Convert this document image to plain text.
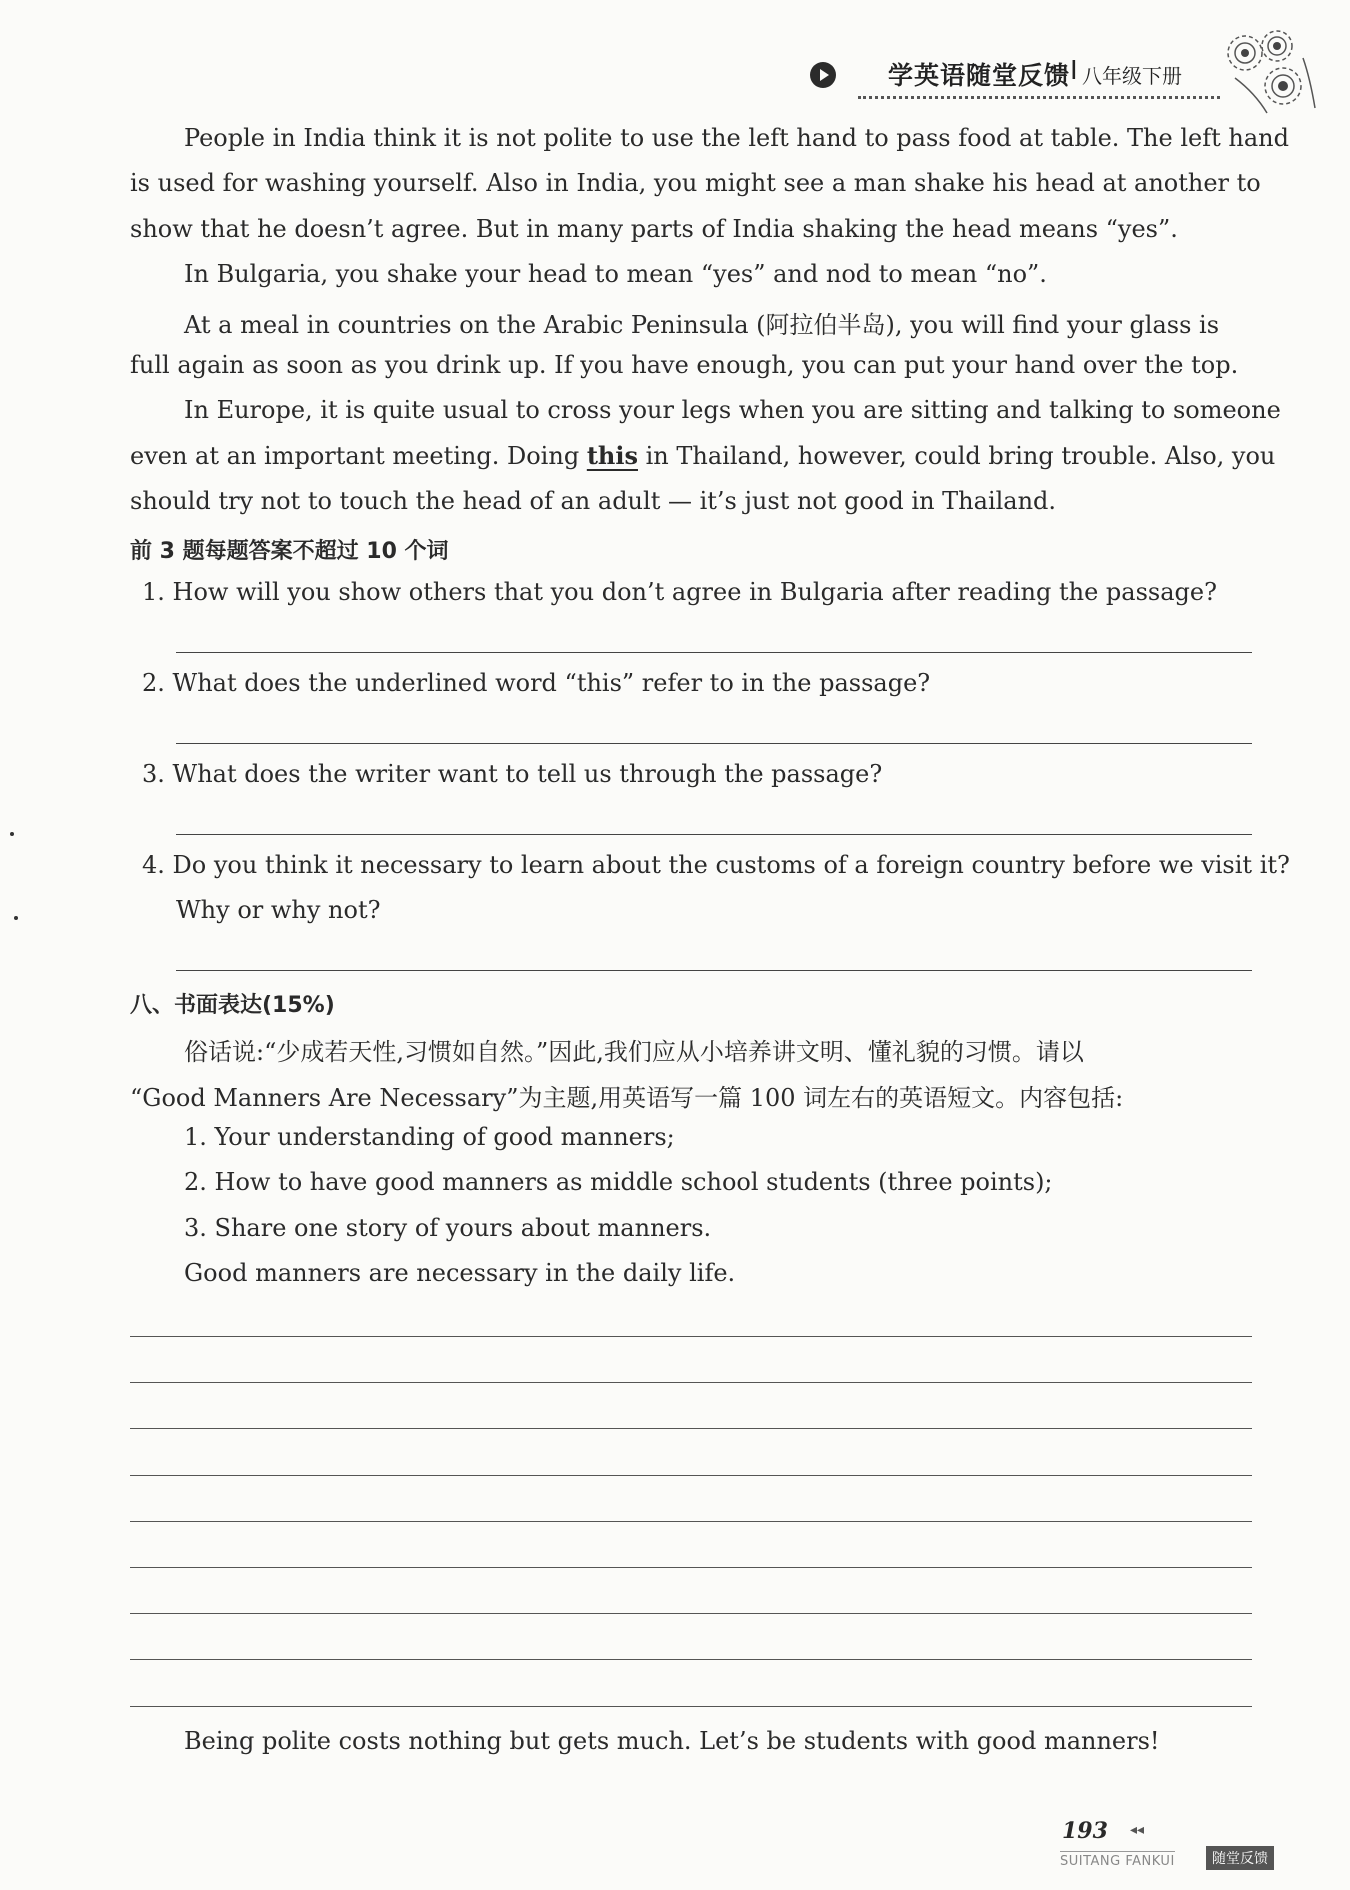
学英语随堂反馈 I 八年级下册
People in India think it is not polite to use the left hand to pass food at table. The left hand
is used for washing yourself. Also in India, you might see a man shake his head at another to
show that he doesn’t agree. But in many parts of India shaking the head means “yes”.
In Bulgaria, you shake your head to mean “yes” and nod to mean “no”.
At a meal in countries on the Arabic Peninsula (阿拉伯半岛), you will find your glass is
full again as soon as you drink up. If you have enough, you can put your hand over the top.
In Europe, it is quite usual to cross your legs when you are sitting and talking to someone
even at an important meeting. Doing this in Thailand, however, could bring trouble. Also, you
should try not to touch the head of an adult — it’s just not good in Thailand.
前 3 题每题答案不超过 10 个词
1. How will you show others that you don’t agree in Bulgaria after reading the passage?
2. What does the underlined word “this” refer to in the passage?
3. What does the writer want to tell us through the passage?
4. Do you think it necessary to learn about the customs of a foreign country before we visit it?
Why or why not?
八、书面表达(15%)
俗话说:“少成若天性,习惯如自然。”因此,我们应从小培养讲文明、懂礼貌的习惯。请以
“Good Manners Are Necessary”为主题,用英语写一篇 100 词左右的英语短文。内容包括:
1. Your understanding of good manners;
2. How to have good manners as middle school students (three points);
3. Share one story of yours about manners.
Good manners are necessary in the daily life.
Being polite costs nothing but gets much. Let’s be students with good manners!
193 ◂◂
SUITANG FANKUI	随堂反馈
